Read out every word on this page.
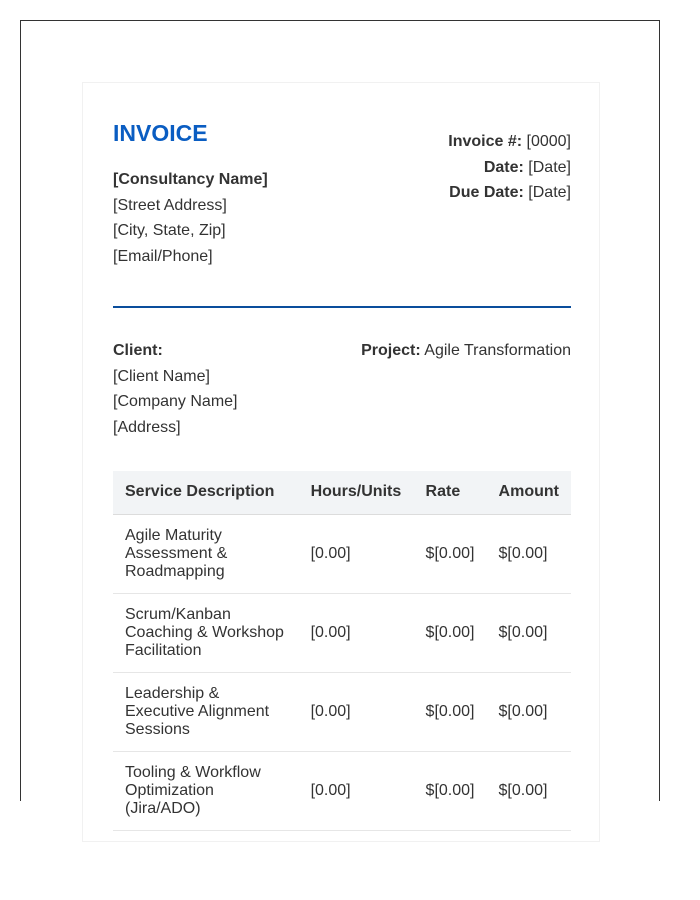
INVOICE
[Consultancy Name]
[Street Address]
[City, State, Zip]
[Email/Phone]
Invoice #: [0000]
Date: [Date]
Due Date: [Date]
Client:
[Client Name]
[Company Name]
[Address]
Project: Agile Transformation
Service Description	Hours/Units	Rate	Amount
Agile Maturity Assessment & Roadmapping	[0.00]	$[0.00]	$[0.00]
Scrum/Kanban Coaching & Workshop Facilitation	[0.00]	$[0.00]	$[0.00]
Leadership & Executive Alignment Sessions	[0.00]	$[0.00]	$[0.00]
Tooling & Workflow Optimization (Jira/ADO)	[0.00]	$[0.00]	$[0.00]
